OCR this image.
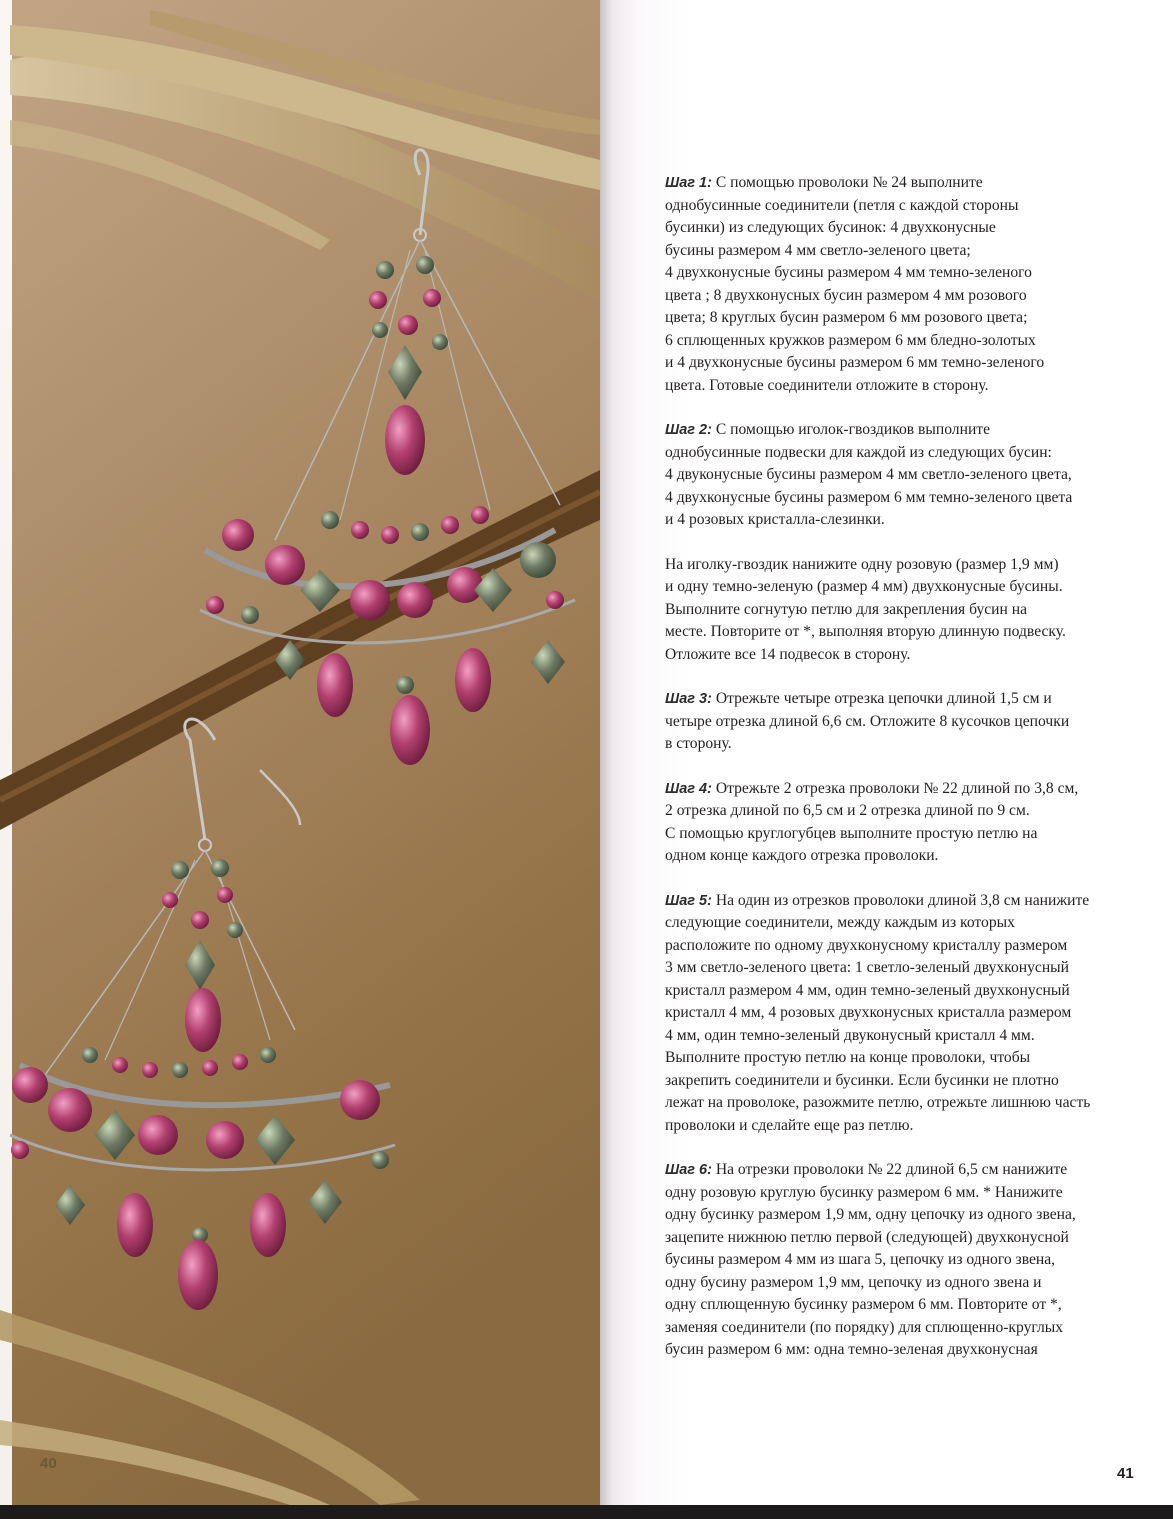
40

Шаг 1: С помощью проволоки № 24 выполните
однобусинные соединители (петля с каждой стороны
бусинки) из следующих бусинок: 4 двухконусные
бусины размером 4 мм светло-зеленого цвета;
4 двухконусные бусины размером 4 мм темно-зеленого
цвета ; 8 двухконусных бусин размером 4 мм розового
цвета; 8 круглых бусин размером 6 мм розового цвета;
6 сплющенных кружков размером 6 мм бледно-золотых
и 4 двухконусные бусины размером 6 мм темно-зеленого
цвета. Готовые соединители отложите в сторону.

Шаг 2: С помощью иголок-гвоздиков выполните
однобусинные подвески для каждой из следующих бусин:
4 двуконусные бусины размером 4 мм светло-зеленого цвета,
4 двухконусные бусины размером 6 мм темно-зеленого цвета
и 4 розовых кристалла-слезинки.

На иголку-гвоздик нанижите одну розовую (размер 1,9 мм)
и одну темно-зеленую (размер 4 мм) двухконусные бусины.
Выполните согнутую петлю для закрепления бусин на
месте. Повторите от *, выполняя вторую длинную подвеску.
Отложите все 14 подвесок в сторону.

Шаг 3: Отрежьте четыре отрезка цепочки длиной 1,5 см и
четыре отрезка длиной 6,6 см. Отложите 8 кусочков цепочки
в сторону.

Шаг 4: Отрежьте 2 отрезка проволоки № 22 длиной по 3,8 см,
2 отрезка длиной по 6,5 см и 2 отрезка длиной по 9 см.
С помощью круглогубцев выполните простую петлю на
одном конце каждого отрезка проволоки.

Шаг 5: На один из отрезков проволоки длиной 3,8 см нанижите
следующие соединители, между каждым из которых
расположите по одному двухконусному кристаллу размером
3 мм светло-зеленого цвета: 1 светло-зеленый двухконусный
кристалл размером 4 мм, один темно-зеленый двухконусный
кристалл 4 мм, 4 розовых двухконусных кристалла размером
4 мм, один темно-зеленый двуконусный кристалл 4 мм.
Выполните простую петлю на конце проволоки, чтобы
закрепить соединители и бусинки. Если бусинки не плотно
лежат на проволоке, разожмите петлю, отрежьте лишнюю часть
проволоки и сделайте еще раз петлю.

Шаг 6: На отрезки проволоки № 22 длиной 6,5 см нанижите
одну розовую круглую бусинку размером 6 мм. * Нанижите
одну бусинку размером 1,9 мм, одну цепочку из одного звена,
зацепите нижнюю петлю первой (следующей) двухконусной
бусины размером 4 мм из шага 5, цепочку из одного звена,
одну бусину размером 1,9 мм, цепочку из одного звена и
одну сплющенную бусинку размером 6 мм. Повторите от *,
заменяя соединители (по порядку) для сплющенно-круглых
бусин размером 6 мм: одна темно-зеленая двухконусная

41
